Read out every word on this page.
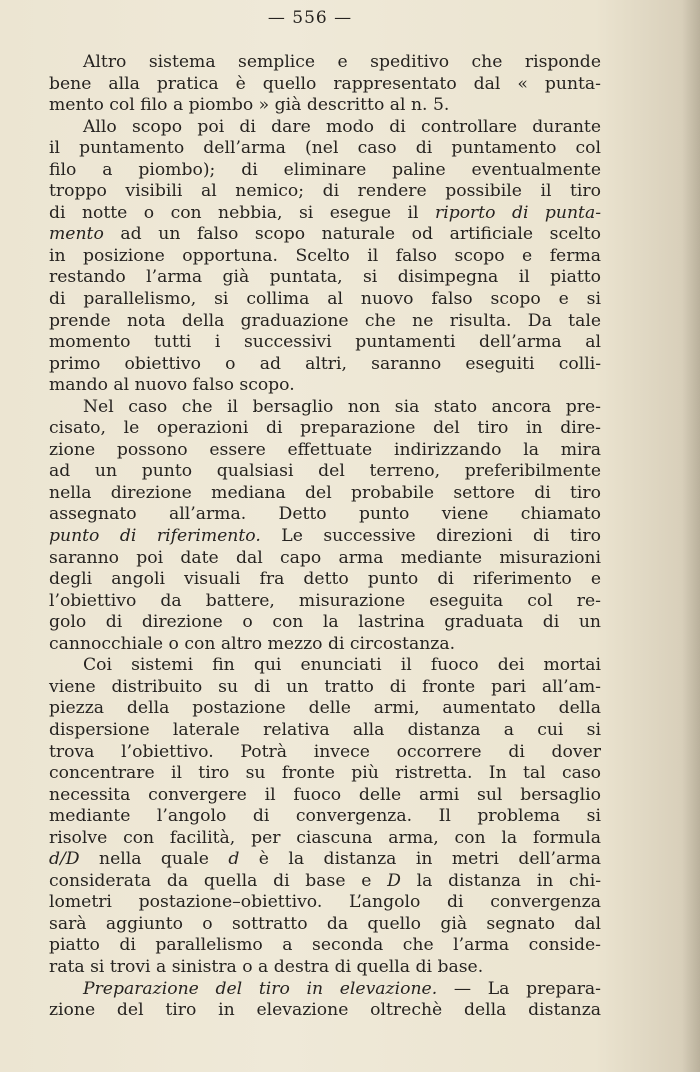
— 556 —

Altro sistema semplice e speditivo che risponde
bene alla pratica è quello rappresentato dal « punta-
mento col filo a piombo » già descritto al n. 5.

Allo scopo poi di dare modo di controllare durante
il puntamento dell’arma (nel caso di puntamento col
filo a piombo); di eliminare paline eventualmente
troppo visibili al nemico; di rendere possibile il tiro
di notte o con nebbia, si esegue il riporto di punta-
mento ad un falso scopo naturale od artificiale scelto
in posizione opportuna. Scelto il falso scopo e ferma
restando l’arma già puntata, si disimpegna il piatto
di parallelismo, si collima al nuovo falso scopo e si
prende nota della graduazione che ne risulta. Da tale
momento tutti i successivi puntamenti dell’arma al
primo obiettivo o ad altri, saranno eseguiti colli-
mando al nuovo falso scopo.

Nel caso che il bersaglio non sia stato ancora pre-
cisato, le operazioni di preparazione del tiro in dire-
zione possono essere effettuate indirizzando la mira
ad un punto qualsiasi del terreno, preferibilmente
nella direzione mediana del probabile settore di tiro
assegnato all’arma. Detto punto viene chiamato
punto di riferimento. Le successive direzioni di tiro
saranno poi date dal capo arma mediante misurazioni
degli angoli visuali fra detto punto di riferimento e
l’obiettivo da battere, misurazione eseguita col re-
golo di direzione o con la lastrina graduata di un
cannocchiale o con altro mezzo di circostanza.

Coi sistemi fin qui enunciati il fuoco dei mortai
viene distribuito su di un tratto di fronte pari all’am-
piezza della postazione delle armi, aumentato della
dispersione laterale relativa alla distanza a cui si
trova l’obiettivo. Potrà invece occorrere di dover
concentrare il tiro su fronte più ristretta. In tal caso
necessita convergere il fuoco delle armi sul bersaglio
mediante l’angolo di convergenza. Il problema si
risolve con facilità, per ciascuna arma, con la formula
d/D nella quale d è la distanza in metri dell’arma
considerata da quella di base e D la distanza in chi-
lometri postazione–obiettivo. L’angolo di convergenza
sarà aggiunto o sottratto da quello già segnato dal
piatto di parallelismo a seconda che l’arma conside-
rata si trovi a sinistra o a destra di quella di base.

Preparazione del tiro in elevazione. — La prepara-
zione del tiro in elevazione oltrechè della distanza
